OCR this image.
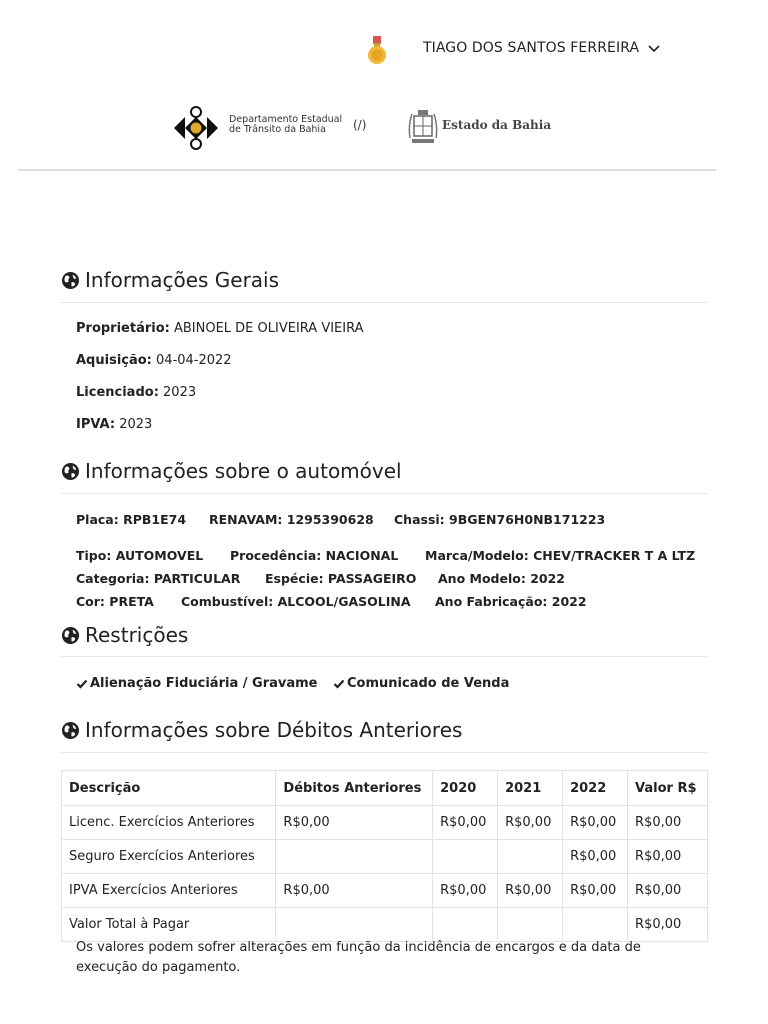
TIAGO DOS SANTOS FERREIRA
Departamento Estadual
de Trânsito da Bahia	(/)	Estado da Bahia
Informações Gerais
Proprietário: ABINOEL DE OLIVEIRA VIEIRA
Aquisição: 04-04-2022
Licenciado: 2023
IPVA: 2023
Informações sobre o automóvel
Placa: RPB1E74 RENAVAM: 1295390628 Chassi: 9BGEN76H0NB171223
Tipo: AUTOMOVEL Procedência: NACIONAL Marca/Modelo: CHEV/TRACKER T A LTZ
Categoria: PARTICULAR Espécie: PASSAGEIRO Ano Modelo: 2022
Cor: PRETA Combustível: ALCOOL/GASOLINA Ano Fabricação: 2022
Restrições
Alienação Fiduciária / Gravame Comunicado de Venda
Informações sobre Débitos Anteriores
Descrição	Débitos Anteriores	2020	2021	2022	Valor R$
Licenc. Exercícios Anteriores	R$0,00	R$0,00	R$0,00	R$0,00	R$0,00
Seguro Exercícios Anteriores				R$0,00	R$0,00
IPVA Exercícios Anteriores	R$0,00	R$0,00	R$0,00	R$0,00	R$0,00
Valor Total à Pagar					R$0,00
Os valores podem sofrer alterações em função da incidência de encargos e da data de execução do pagamento.
